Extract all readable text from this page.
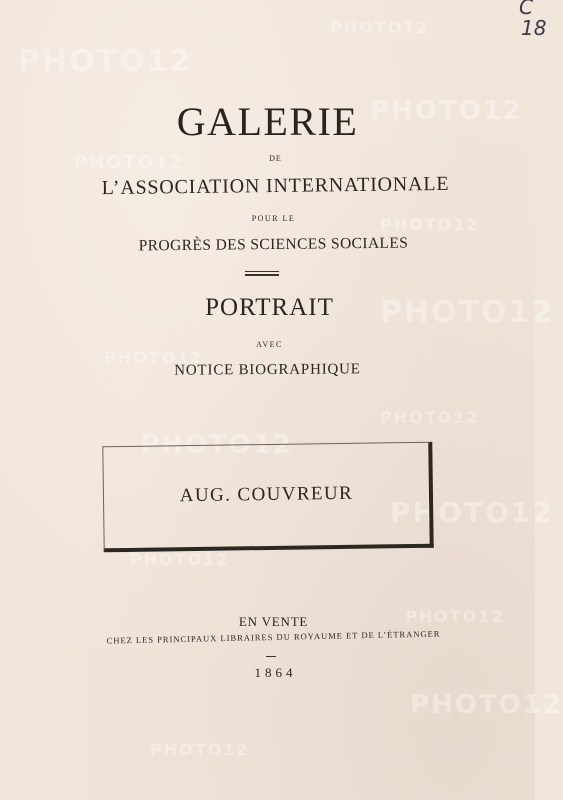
PHOTO12
PHOTO12
PHOTO12
PHOTO12
PHOTO12
PHOTO12
PHOTO12
PHOTO12
PHOTO12
PHOTO12
PHOTO12
PHOTO12
PHOTO12
PHOTO12
C
18
GALERIE
DE
L’ASSOCIATION INTERNATIONALE
POUR LE
PROGRÈS DES SCIENCES SOCIALES
PORTRAIT
AVEC
NOTICE BIOGRAPHIQUE
AUG. COUVREUR
EN VENTE
CHEZ LES PRINCIPAUX LIBRAIRES DU ROYAUME ET DE L’ÉTRANGER
1864
